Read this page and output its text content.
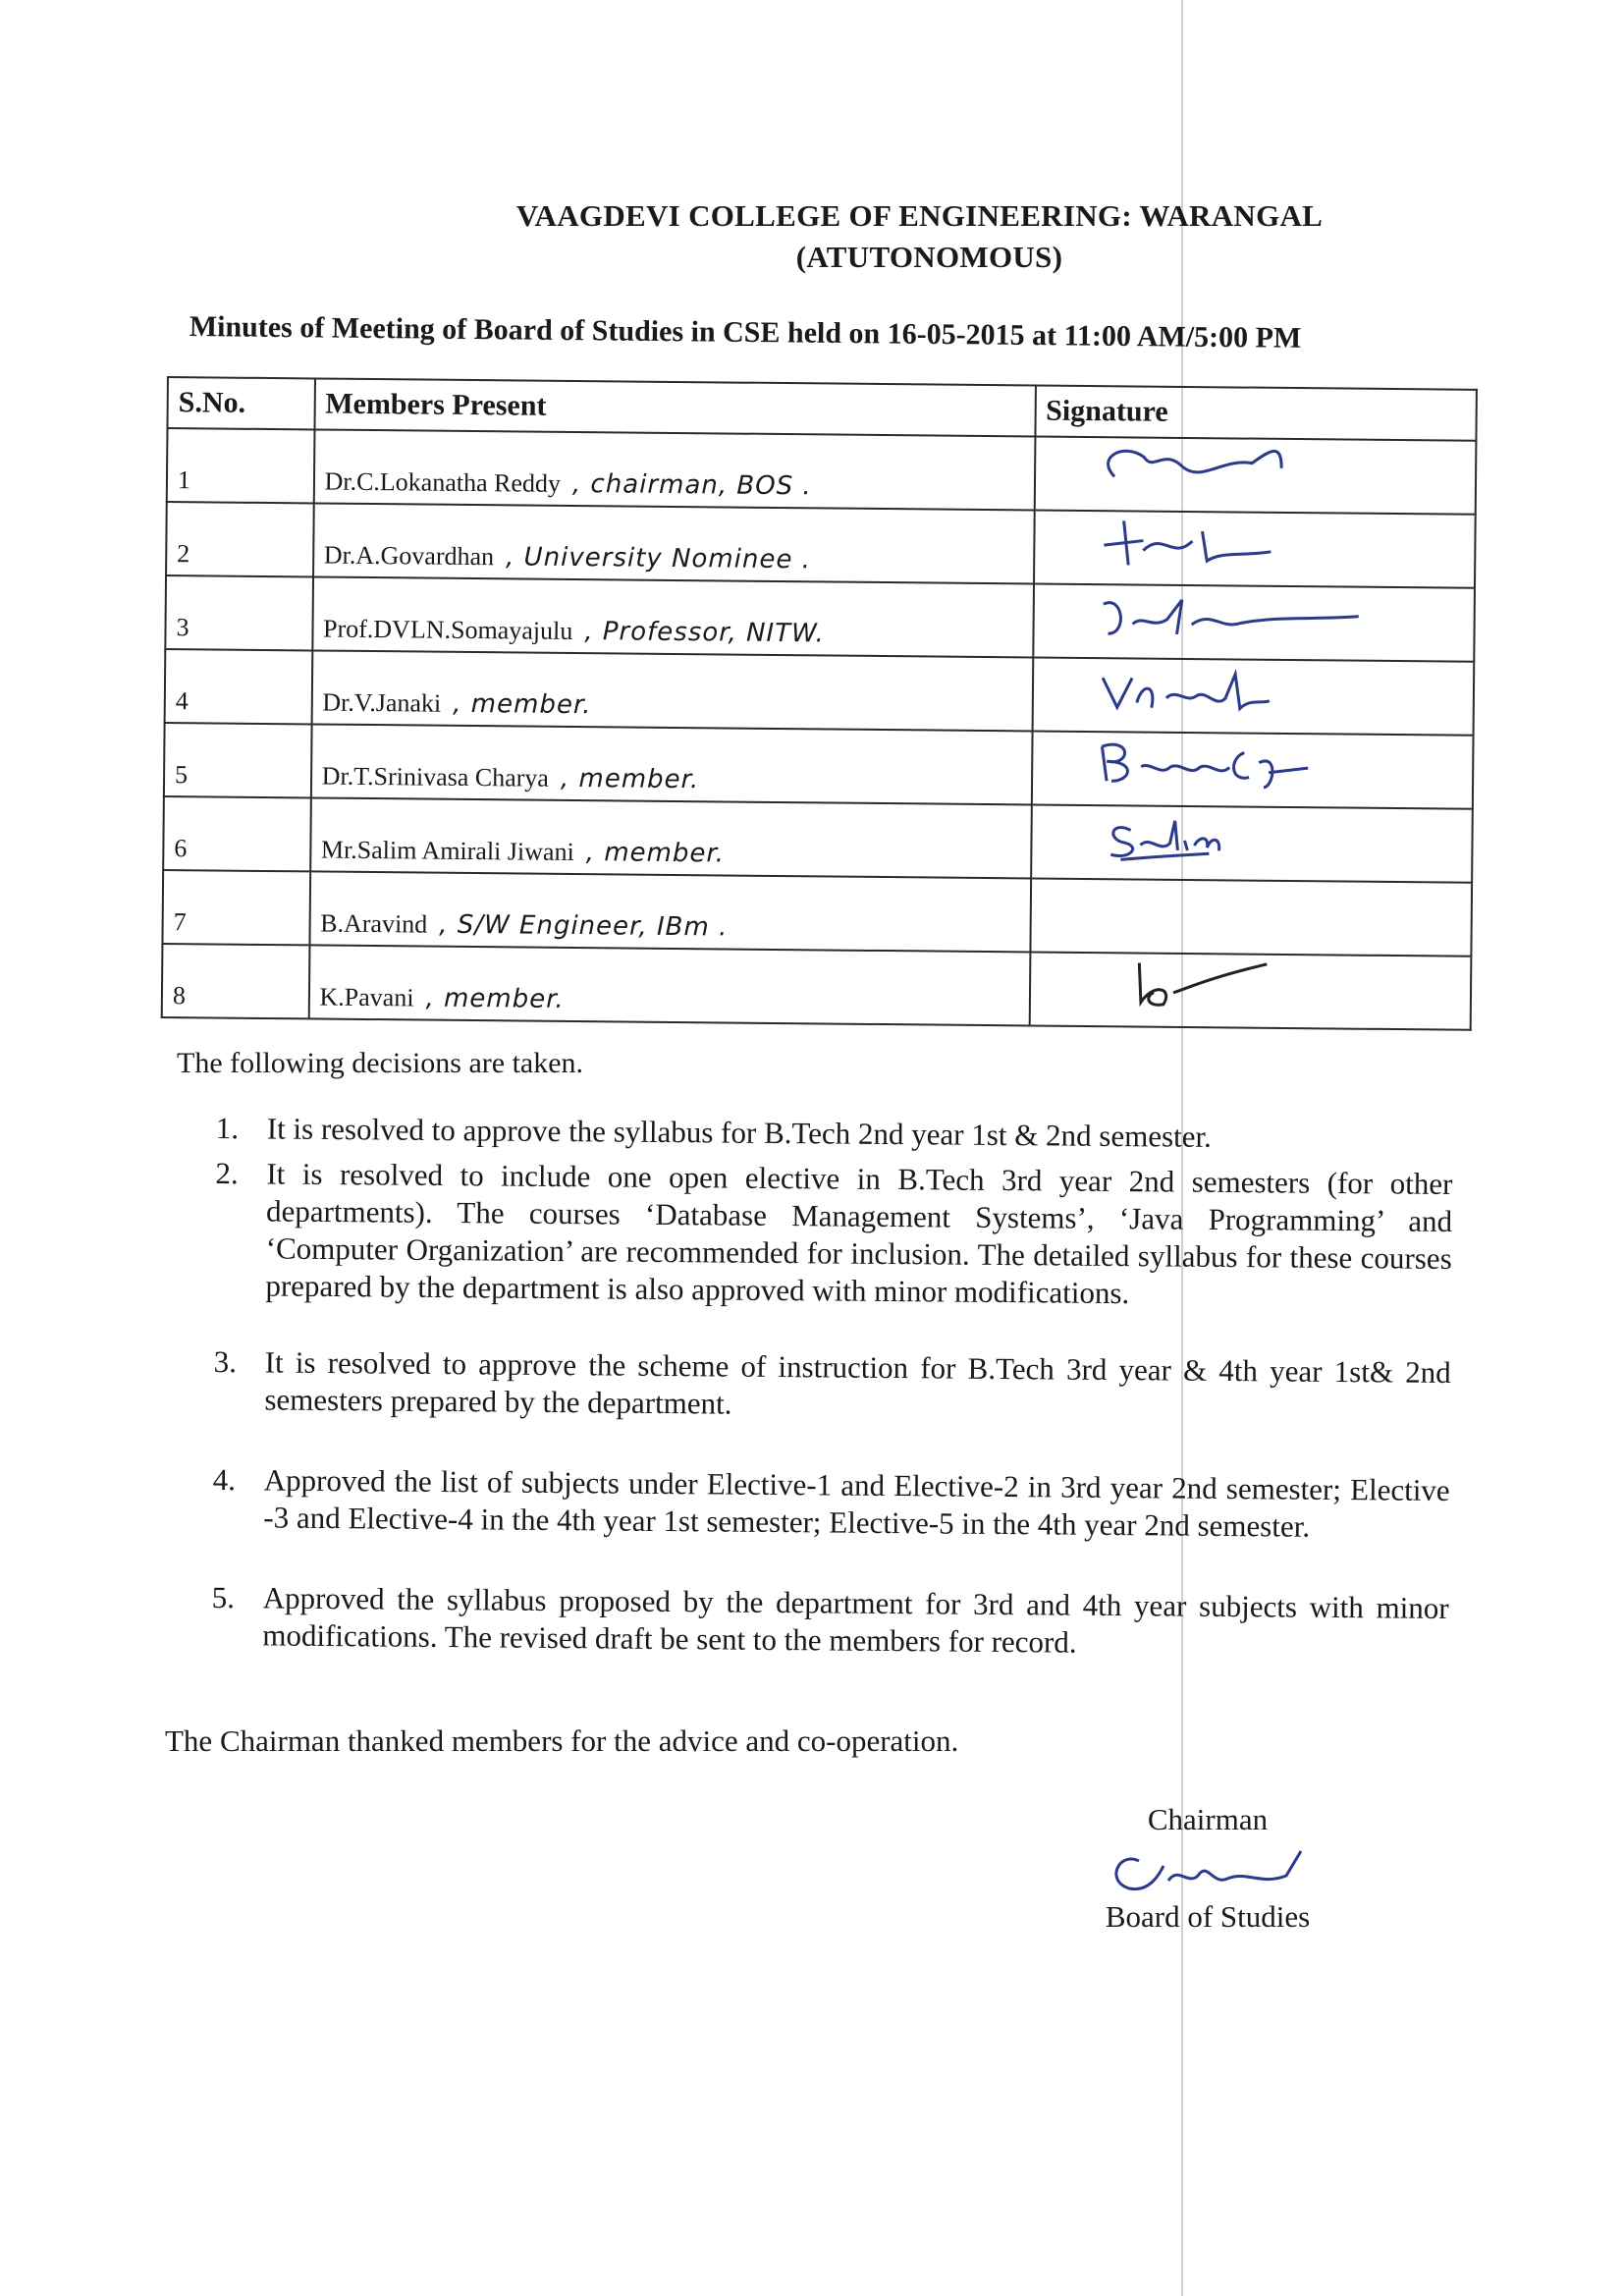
VAAGDEVI COLLEGE OF ENGINEERING: WARANGAL
(ATUTONOMOUS)
Minutes of Meeting of Board of Studies in CSE held on 16-05-2015 at 11:00 AM/5:00 PM
S.No.	Members Present	Signature
1	Dr.C.Lokanatha Reddy , chairman, BOS .	

2	Dr.A.Govardhan , University Nominee .	

3	Prof.DVLN.Somayajulu , Professor, NITW.	

4	Dr.V.Janaki , member.	

5	Dr.T.Srinivasa Charya , member.	

6	Mr.Salim Amirali Jiwani , member.	

7	B.Aravind , S/W Engineer, IBm .	

8	K.Pavani , member.	
The following decisions are taken.
1. It is resolved to approve the syllabus for B.Tech 2nd year 1st & 2nd semester.
2. It is resolved to include one open elective in B.Tech 3rd year 2nd semesters (for other departments). The courses ‘Database Management Systems’, ‘Java Programming’ and ‘Computer Organization’ are recommended for inclusion. The detailed syllabus for these courses prepared by the department is also approved with minor modifications.
3. It is resolved to approve the scheme of instruction for B.Tech 3rd year & 4th year 1st& 2nd semesters prepared by the department.
4. Approved the list of subjects under Elective-1 and Elective-2 in 3rd year 2nd semester; Elective -3 and Elective-4 in the 4th year 1st semester; Elective-5 in the 4th year 2nd semester.
5. Approved the syllabus proposed by the department for 3rd and 4th year subjects with minor modifications. The revised draft be sent to the members for record.
The Chairman thanked members for the advice and co-operation.
Chairman
Board of Studies
